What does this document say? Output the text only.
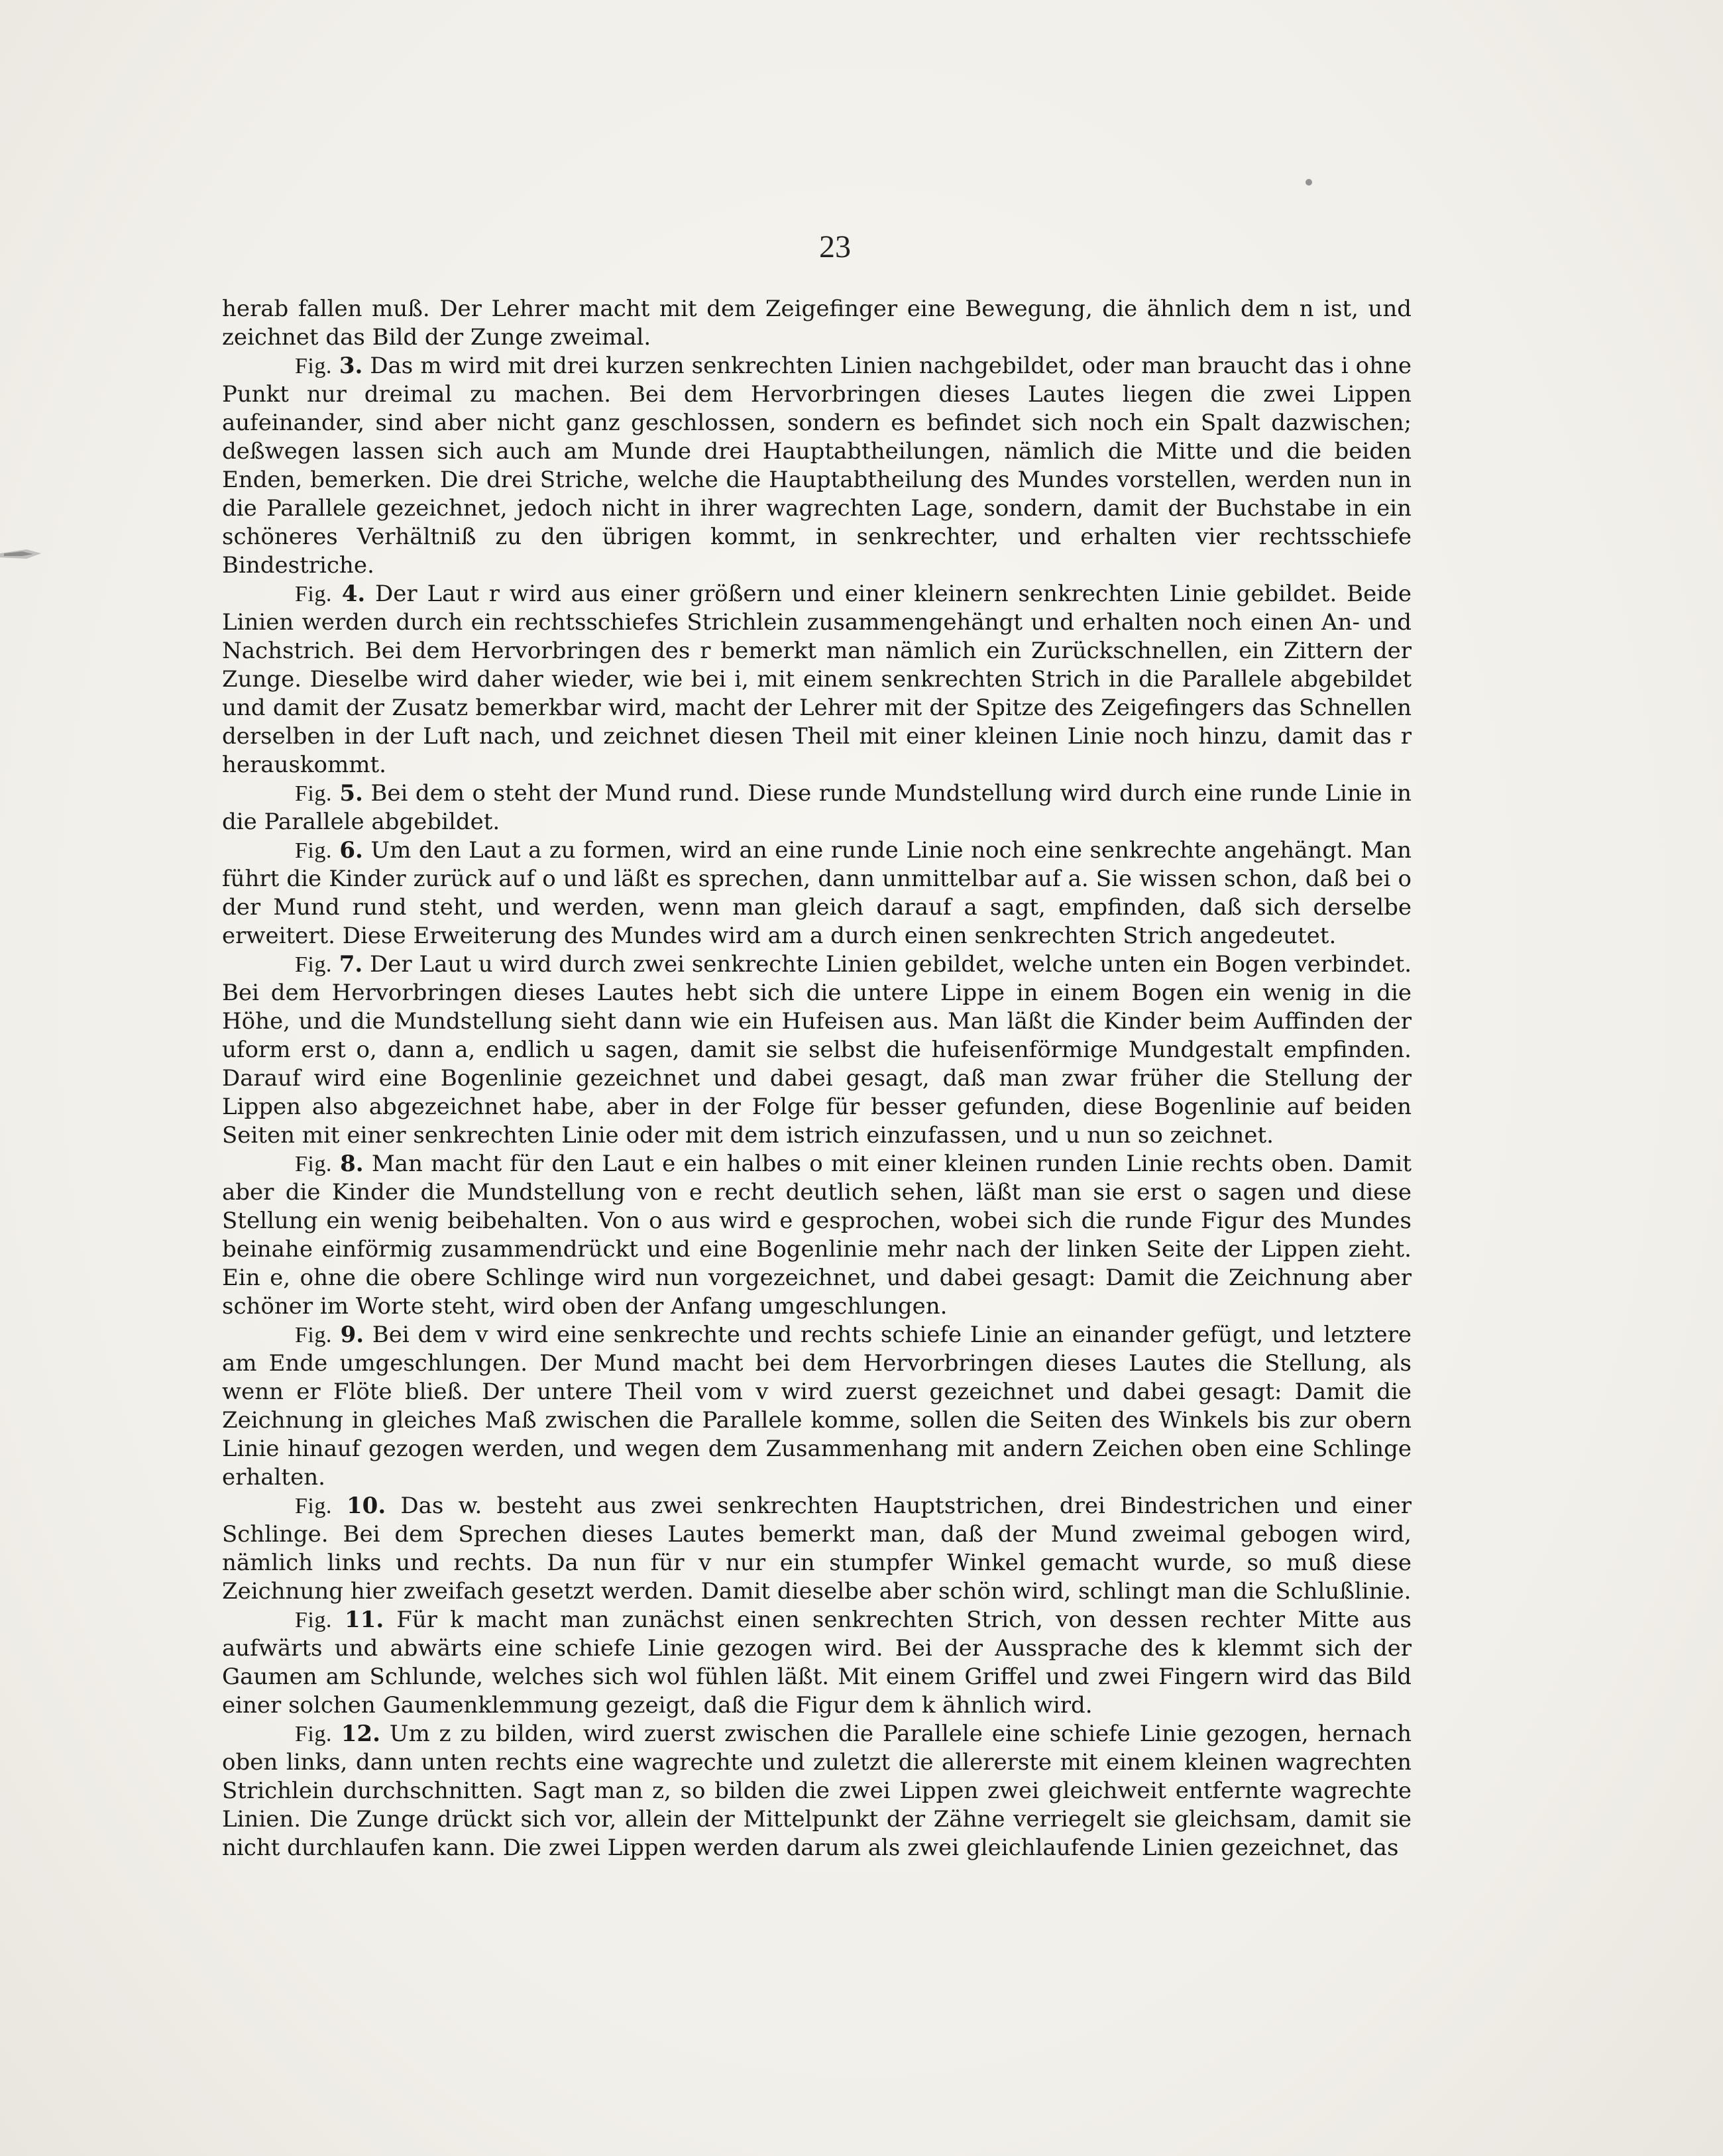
23

herab fallen muß. Der Lehrer macht mit dem Zeigefinger eine Bewegung, die ähnlich dem n ist, und zeichnet das Bild der Zunge zweimal.

Fig. 3. Das m wird mit drei kurzen senkrechten Linien nachgebildet, oder man braucht das i ohne Punkt nur dreimal zu machen. Bei dem Hervorbringen dieses Lautes liegen die zwei Lippen aufeinander, sind aber nicht ganz geschlossen, sondern es befindet sich noch ein Spalt dazwischen; deßwegen lassen sich auch am Munde drei Hauptabtheilungen, nämlich die Mitte und die beiden Enden, bemerken. Die drei Striche, welche die Hauptabtheilung des Mundes vorstellen, werden nun in die Parallele gezeichnet, jedoch nicht in ihrer wagrechten Lage, sondern, damit der Buchstabe in ein schöneres Verhältniß zu den übrigen kommt, in senkrechter, und erhalten vier rechtsschiefe Bindestriche.

Fig. 4. Der Laut r wird aus einer größern und einer kleinern senkrechten Linie gebildet. Beide Linien werden durch ein rechtsschiefes Strichlein zusammengehängt und erhalten noch einen An- und Nachstrich. Bei dem Hervorbringen des r bemerkt man nämlich ein Zurückschnellen, ein Zittern der Zunge. Dieselbe wird daher wieder, wie bei i, mit einem senkrechten Strich in die Parallele abgebildet und damit der Zusatz bemerkbar wird, macht der Lehrer mit der Spitze des Zeigefingers das Schnellen derselben in der Luft nach, und zeichnet diesen Theil mit einer kleinen Linie noch hinzu, damit das r herauskommt.

Fig. 5. Bei dem o steht der Mund rund. Diese runde Mundstellung wird durch eine runde Linie in die Parallele abgebildet.

Fig. 6. Um den Laut a zu formen, wird an eine runde Linie noch eine senkrechte angehängt. Man führt die Kinder zurück auf o und läßt es sprechen, dann unmittelbar auf a. Sie wissen schon, daß bei o der Mund rund steht, und werden, wenn man gleich darauf a sagt, empfinden, daß sich derselbe erweitert. Diese Erweiterung des Mundes wird am a durch einen senkrechten Strich angedeutet.

Fig. 7. Der Laut u wird durch zwei senkrechte Linien gebildet, welche unten ein Bogen verbindet. Bei dem Hervorbringen dieses Lautes hebt sich die untere Lippe in einem Bogen ein wenig in die Höhe, und die Mundstellung sieht dann wie ein Hufeisen aus. Man läßt die Kinder beim Auffinden der uform erst o, dann a, endlich u sagen, damit sie selbst die hufeisenförmige Mundgestalt empfinden. Darauf wird eine Bogenlinie gezeichnet und dabei gesagt, daß man zwar früher die Stellung der Lippen also abgezeichnet habe, aber in der Folge für besser gefunden, diese Bogenlinie auf beiden Seiten mit einer senkrechten Linie oder mit dem istrich einzufassen, und u nun so zeichnet.

Fig. 8. Man macht für den Laut e ein halbes o mit einer kleinen runden Linie rechts oben. Damit aber die Kinder die Mundstellung von e recht deutlich sehen, läßt man sie erst o sagen und diese Stellung ein wenig beibehalten. Von o aus wird e gesprochen, wobei sich die runde Figur des Mundes beinahe einförmig zusammendrückt und eine Bogenlinie mehr nach der linken Seite der Lippen zieht. Ein e, ohne die obere Schlinge wird nun vorgezeichnet, und dabei gesagt: Damit die Zeichnung aber schöner im Worte steht, wird oben der Anfang umgeschlungen.

Fig. 9. Bei dem v wird eine senkrechte und rechts schiefe Linie an einander gefügt, und letztere am Ende umgeschlungen. Der Mund macht bei dem Hervorbringen dieses Lautes die Stellung, als wenn er Flöte bließ. Der untere Theil vom v wird zuerst gezeichnet und dabei gesagt: Damit die Zeichnung in gleiches Maß zwischen die Parallele komme, sollen die Seiten des Winkels bis zur obern Linie hinauf gezogen werden, und wegen dem Zusammenhang mit andern Zeichen oben eine Schlinge erhalten.

Fig. 10. Das w. besteht aus zwei senkrechten Hauptstrichen, drei Bindestrichen und einer Schlinge. Bei dem Sprechen dieses Lautes bemerkt man, daß der Mund zweimal gebogen wird, nämlich links und rechts. Da nun für v nur ein stumpfer Winkel gemacht wurde, so muß diese Zeichnung hier zweifach gesetzt werden. Damit dieselbe aber schön wird, schlingt man die Schlußlinie.

Fig. 11. Für k macht man zunächst einen senkrechten Strich, von dessen rechter Mitte aus aufwärts und abwärts eine schiefe Linie gezogen wird. Bei der Aussprache des k klemmt sich der Gaumen am Schlunde, welches sich wol fühlen läßt. Mit einem Griffel und zwei Fingern wird das Bild einer solchen Gaumenklemmung gezeigt, daß die Figur dem k ähnlich wird.

Fig. 12. Um z zu bilden, wird zuerst zwischen die Parallele eine schiefe Linie gezogen, hernach oben links, dann unten rechts eine wagrechte und zuletzt die allererste mit einem kleinen wagrechten Strichlein durchschnitten. Sagt man z, so bilden die zwei Lippen zwei gleichweit entfernte wagrechte Linien. Die Zunge drückt sich vor, allein der Mittelpunkt der Zähne verriegelt sie gleichsam, damit sie nicht durchlaufen kann. Die zwei Lippen werden darum als zwei gleichlaufende Linien gezeichnet, das
